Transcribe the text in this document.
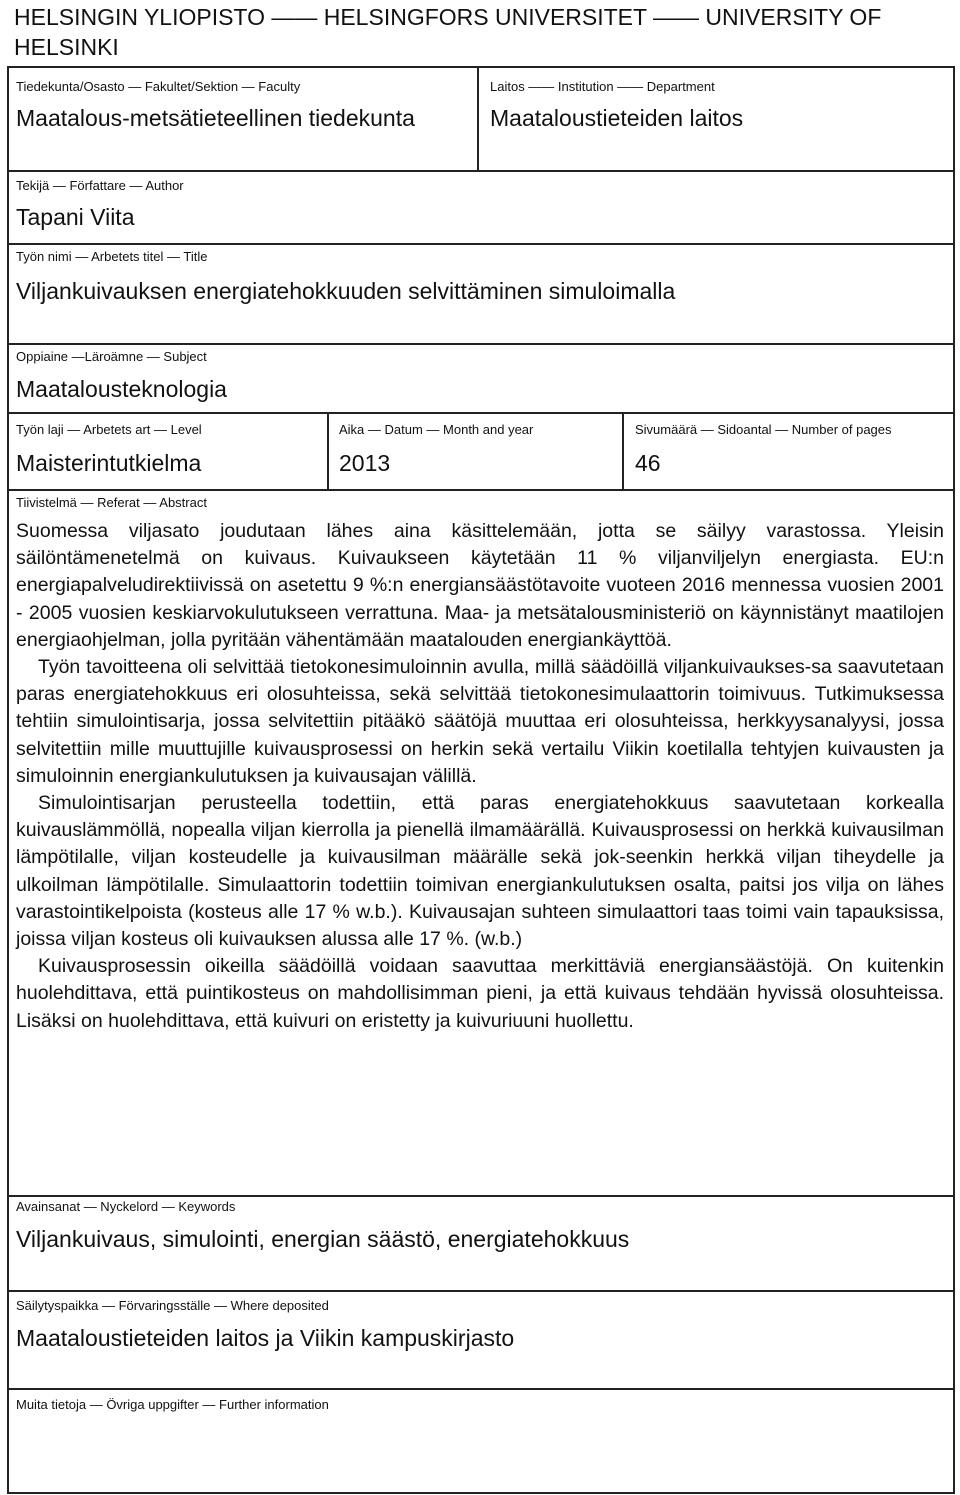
HELSINGIN YLIOPISTO —— HELSINGFORS UNIVERSITET —— UNIVERSITY OF HELSINKI
Tiedekunta/Osasto — Fakultet/Sektion — Faculty
Maatalous-metsätieteellinen tiedekunta
Laitos —— Institution —— Department
Maataloustieteiden laitos
Tekijä — Författare — Author
Tapani Viita
Työn nimi — Arbetets titel — Title
Viljankuivauksen energiatehokkuuden selvittäminen simuloimalla
Oppiaine —Läroämne — Subject
Maatalousteknologia
Työn laji — Arbetets art — Level
Maisterintutkielma
Aika — Datum — Month and year
2013
Sivumäärä — Sidoantal — Number of pages
46
Tiivistelmä — Referat — Abstract

Suomessa viljasato joudutaan lähes aina käsittelemään, jotta se säilyy varastossa. Yleisin säilöntämenetelmä on kuivaus. Kuivaukseen käytetään 11 % viljanviljelyn energiasta. EU:n energiapalveludirektiivissä on asetettu 9 %:n energiansäästötavoite vuoteen 2016 mennessa vuosien 2001 - 2005 vuosien keskiarvokulutukseen verrattuna. Maa- ja metsätalousministeriö on käynnistänyt maatilojen energiaohjelman, jolla pyritään vähentämään maatalouden energiankäyttöä.

Työn tavoitteena oli selvittää tietokonesimuloinnin avulla, millä säädöillä viljankuivaukses-sa saavutetaan paras energiatehokkuus eri olosuhteissa, sekä selvittää tietokonesimulaattorin toimivuus. Tutkimuksessa tehtiin simulointisarja, jossa selvitettiin pitääkö säätöjä muuttaa eri olosuhteissa, herkkyysanalyysi, jossa selvitettiin mille muuttujille kuivausprosessi on herkin sekä vertailu Viikin koetilalla tehtyjen kuivausten ja simuloinnin energiankulutuksen ja kuivausajan välillä.

Simulointisarjan perusteella todettiin, että paras energiatehokkuus saavutetaan korkealla kuivauslämmöllä, nopealla viljan kierrolla ja pienellä ilmamäärällä. Kuivausprosessi on herkkä kuivausilman lämpötilalle, viljan kosteudelle ja kuivausilman määrälle sekä jok-seenkin herkkä viljan tiheydelle ja ulkoilman lämpötilalle. Simulaattorin todettiin toimivan energiankulutuksen osalta, paitsi jos vilja on lähes varastointikelpoista (kosteus alle 17 % w.b.). Kuivausajan suhteen simulaattori taas toimi vain tapauksissa, joissa viljan kosteus oli kuivauksen alussa alle 17 %. (w.b.)

Kuivausprosessin oikeilla säädöillä voidaan saavuttaa merkittäviä energiansäästöjä. On kuitenkin huolehdittava, että puintikosteus on mahdollisimman pieni, ja että kuivaus tehdään hyvissä olosuhteissa. Lisäksi on huolehdittava, että kuivuri on eristetty ja kuivuriuuni huollettu.

Avainsanat — Nyckelord — Keywords
Viljankuivaus, simulointi, energian säästö, energiatehokkuus
Säilytyspaikka — Förvaringsställe — Where deposited
Maataloustieteiden laitos ja Viikin kampuskirjasto
Muita tietoja — Övriga uppgifter — Further information
